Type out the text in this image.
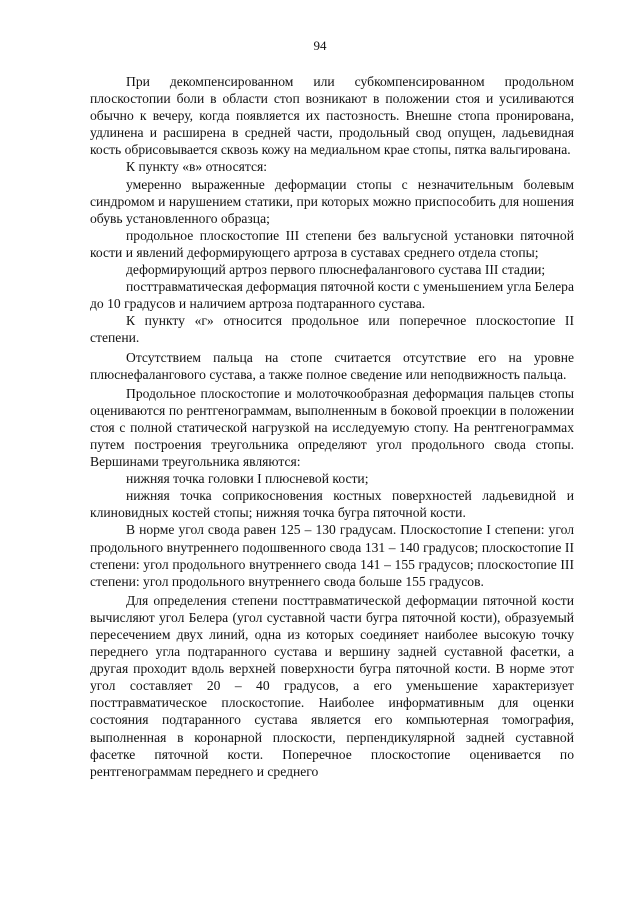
94

При декомпенсированном или субкомпенсированном продольном плоскостопии боли в области стоп возникают в положении стоя и усиливаются обычно к вечеру, когда появляется их пастозность. Внешне стопа пронирована, удлинена и расширена в средней части, продольный свод опущен, ладьевидная кость обрисовывается сквозь кожу на медиальном крае стопы, пятка вальгирована.

К пункту «в» относятся:

умеренно выраженные деформации стопы с незначительным болевым синдромом и нарушением статики, при которых можно приспособить для ношения обувь установленного образца;

продольное плоскостопие III степени без вальгусной установки пяточной кости и явлений деформирующего артроза в суставах среднего отдела стопы;

деформирующий артроз первого плюснефалангового сустава III стадии;

посттравматическая деформация пяточной кости с уменьшением угла Белера до 10 градусов и наличием артроза подтаранного сустава.

К пункту «г» относится продольное или поперечное плоскостопие II степени.

Отсутствием пальца на стопе считается отсутствие его на уровне плюснефалангового сустава, а также полное сведение или неподвижность пальца.

Продольное плоскостопие и молоточкообразная деформация пальцев стопы оцениваются по рентгенограммам, выполненным в боковой проекции в положении стоя с полной статической нагрузкой на исследуемую стопу. На рентгенограммах путем построения треугольника определяют угол продольного свода стопы. Вершинами треугольника являются:

нижняя точка головки I плюсневой кости;

нижняя точка соприкосновения костных поверхностей ладьевидной и клиновидных костей стопы; нижняя точка бугра пяточной кости.

В норме угол свода равен 125 – 130 градусам. Плоскостопие I степени: угол продольного внутреннего подошвенного свода 131 – 140 градусов; плоскостопие II степени: угол продольного внутреннего свода 141 – 155 градусов; плоскостопие III степени: угол продольного внутреннего свода больше 155 градусов.

Для определения степени посттравматической деформации пяточной кости вычисляют угол Белера (угол суставной части бугра пяточной кости), образуемый пересечением двух линий, одна из которых соединяет наиболее высокую точку переднего угла подтаранного сустава и вершину задней суставной фасетки, а другая проходит вдоль верхней поверхности бугра пяточной кости. В норме этот угол составляет 20 – 40 градусов, а его уменьшение характеризует посттравматическое плоскостопие. Наиболее информативным для оценки состояния подтаранного сустава является его компьютерная томография, выполненная в коронарной плоскости, перпендикулярной задней суставной фасетке пяточной кости. Поперечное плоскостопие оценивается по рентгенограммам переднего и среднего
